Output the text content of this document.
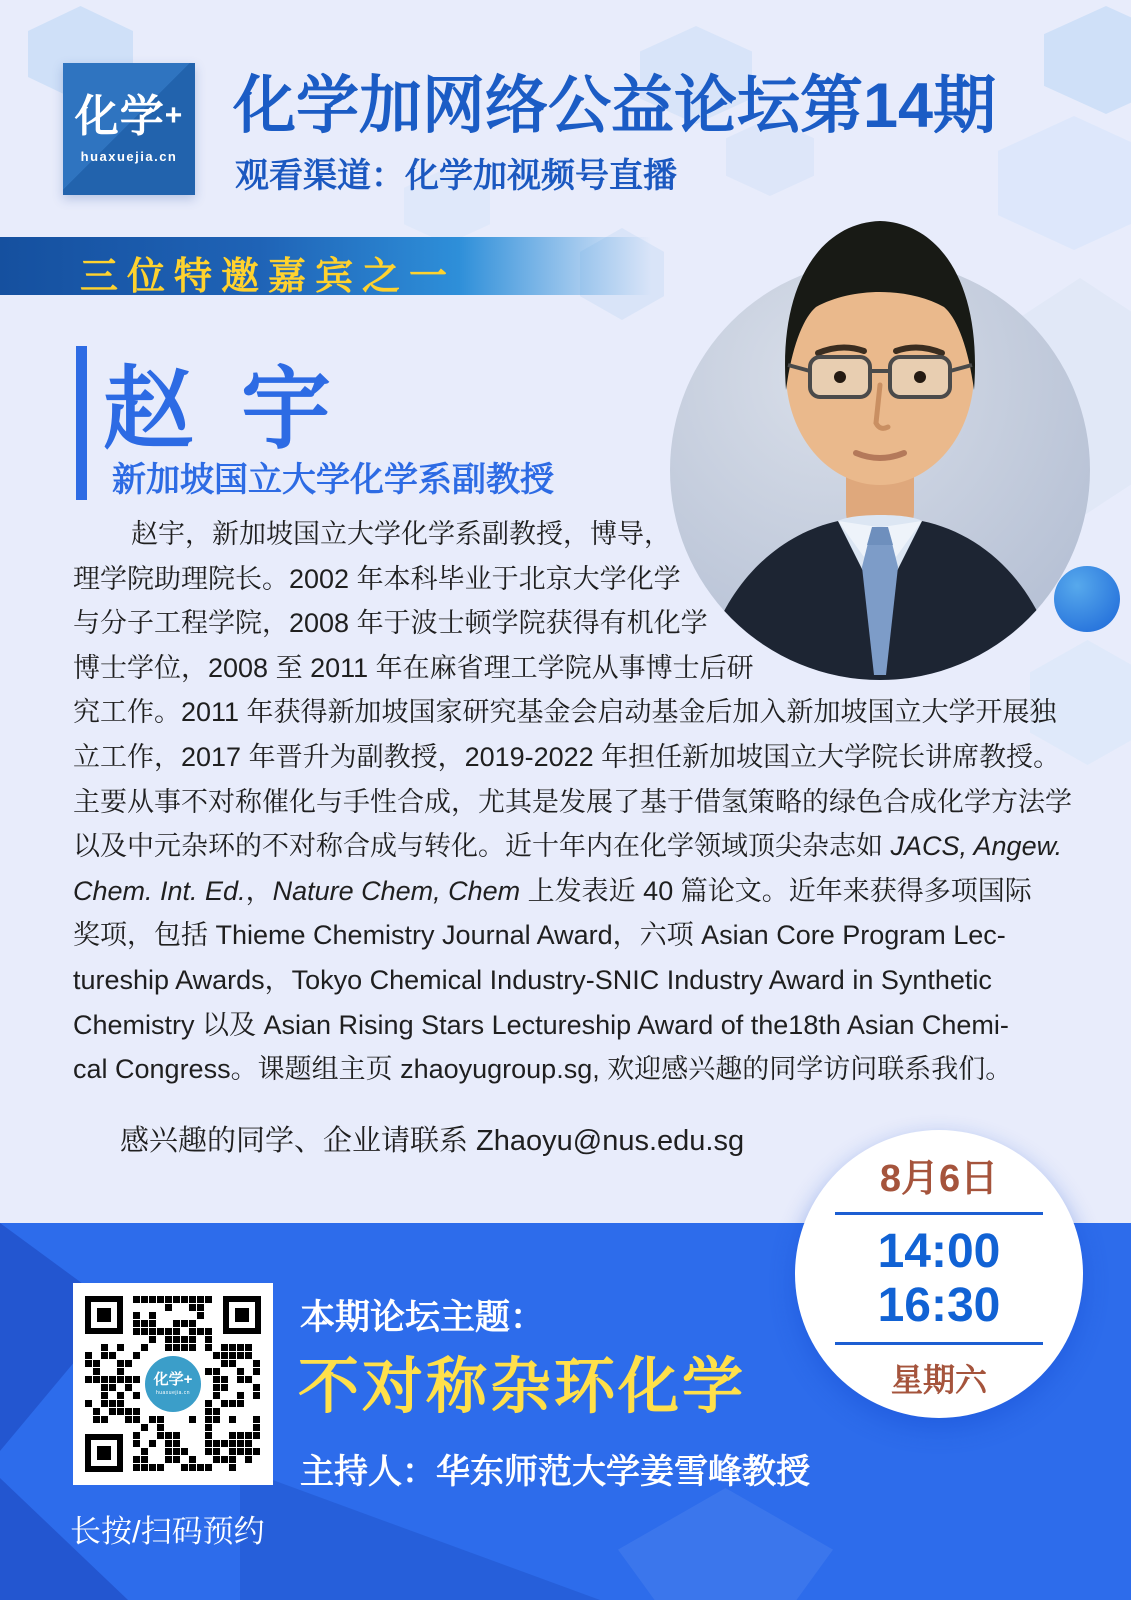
化学+
huaxuejia.cn
化学加网络公益论坛第14期
观看渠道：化学加视频号直播
三位特邀嘉宾之一
赵 宇
新加坡国立大学化学系副教授
赵宇，新加坡国立大学化学系副教授，博导，
理学院助理院长。2002 年本科毕业于北京大学化学
与分子工程学院，2008 年于波士顿学院获得有机化学
博士学位，2008 至 2011 年在麻省理工学院从事博士后研
究工作。2011 年获得新加坡国家研究基金会启动基金后加入新加坡国立大学开展独
立工作，2017 年晋升为副教授，2019-2022 年担任新加坡国立大学院长讲席教授。
主要从事不对称催化与手性合成，尤其是发展了基于借氢策略的绿色合成化学方法学
以及中元杂环的不对称合成与转化。近十年内在化学领域顶尖杂志如 JACS, Angew.
Chem. Int. Ed.，Nature Chem, Chem 上发表近 40 篇论文。近年来获得多项国际
奖项，包括 Thieme Chemistry Journal Award，六项 Asian Core Program Lec-
tureship Awards，Tokyo Chemical Industry-SNIC Industry Award in Synthetic
Chemistry 以及 Asian Rising Stars Lectureship Award of the18th Asian Chemi-
cal Congress。课题组主页 zhaoyugroup.sg, 欢迎感兴趣的同学访问联系我们。
感兴趣的同学、企业请联系 Zhaoyu@nus.edu.sg
化学+
huaxuejia.cn
长按/扫码预约
本期论坛主题：
不对称杂环化学
主持人：华东师范大学姜雪峰教授
8月6日
14:00
16:30
星期六
